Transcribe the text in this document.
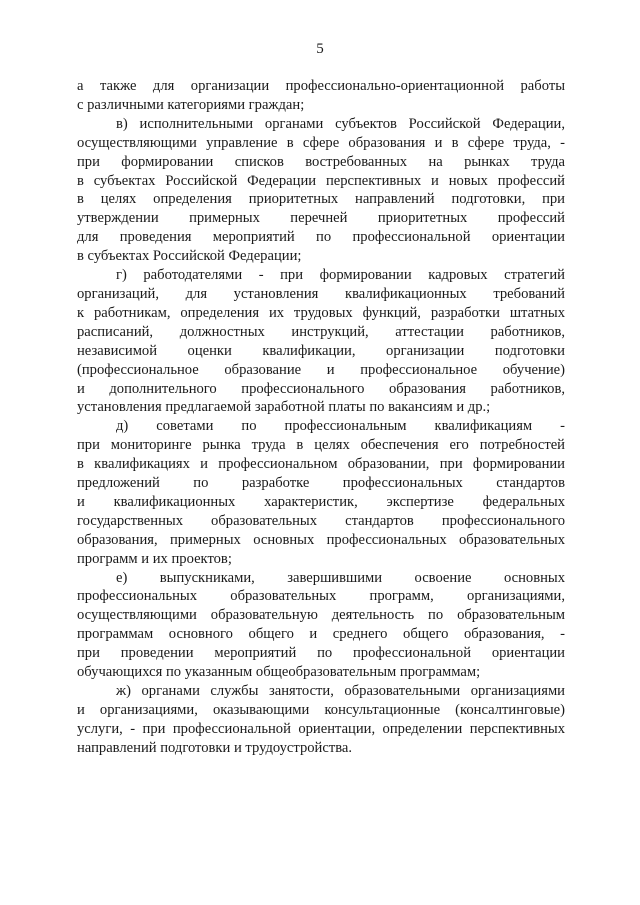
5

а также для организации профессионально-ориентационной работы
с различными категориями граждан;

в) исполнительными органами субъектов Российской Федерации,
осуществляющими управление в сфере образования и в сфере труда, -
при формировании списков востребованных на рынках труда
в субъектах Российской Федерации перспективных и новых профессий
в целях определения приоритетных направлений подготовки, при
утверждении примерных перечней приоритетных профессий
для проведения мероприятий по профессиональной ориентации
в субъектах Российской Федерации;

г) работодателями - при формировании кадровых стратегий
организаций, для установления квалификационных требований
к работникам, определения их трудовых функций, разработки штатных
расписаний, должностных инструкций, аттестации работников,
независимой оценки квалификации, организации подготовки
(профессиональное образование и профессиональное обучение)
и дополнительного профессионального образования работников,
установления предлагаемой заработной платы по вакансиям и др.;

д) советами по профессиональным квалификациям -
при мониторинге рынка труда в целях обеспечения его потребностей
в квалификациях и профессиональном образовании, при формировании
предложений по разработке профессиональных стандартов
и квалификационных характеристик, экспертизе федеральных
государственных образовательных стандартов профессионального
образования, примерных основных профессиональных образовательных
программ и их проектов;

е) выпускниками, завершившими освоение основных
профессиональных образовательных программ, организациями,
осуществляющими образовательную деятельность по образовательным
программам основного общего и среднего общего образования, -
при проведении мероприятий по профессиональной ориентации
обучающихся по указанным общеобразовательным программам;

ж) органами службы занятости, образовательными организациями
и организациями, оказывающими консультационные (консалтинговые)
услуги, - при профессиональной ориентации, определении перспективных
направлений подготовки и трудоустройства.
